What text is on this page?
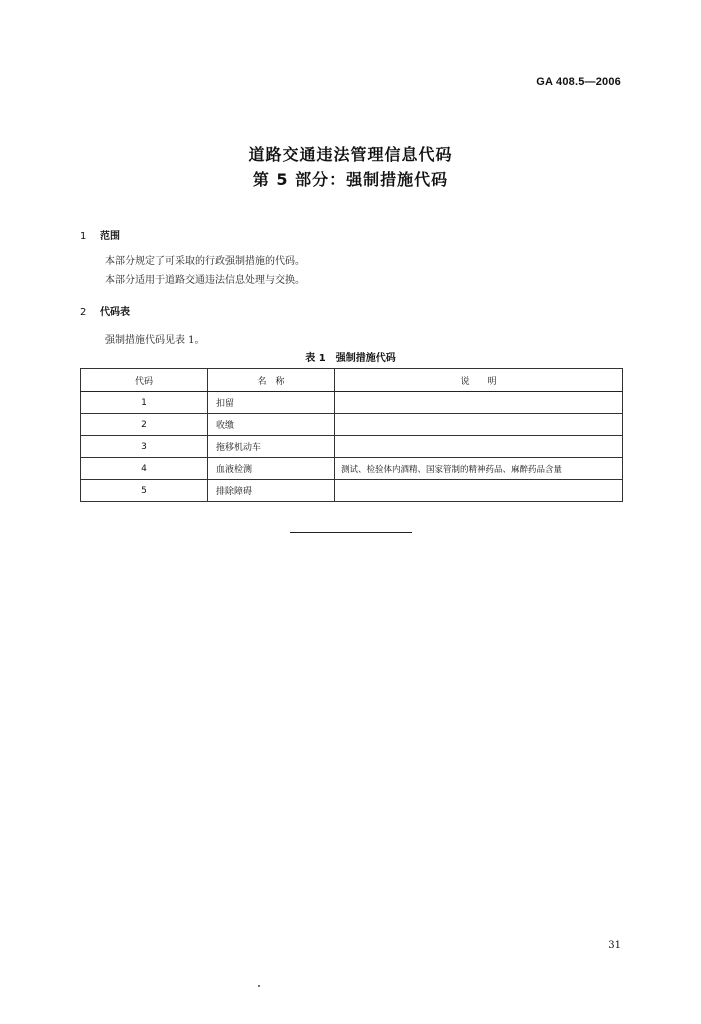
GA 408.5—2006
道路交通违法管理信息代码
第 5 部分：强制措施代码
1 范围
本部分规定了可采取的行政强制措施的代码。
本部分适用于道路交通违法信息处理与交换。
2 代码表
强制措施代码见表 1。
表 1　强制措施代码
代码	名　称	说　　明
1	扣留	
2	收缴	
3	拖移机动车	
4	血液检测	测试、检验体内酒精、国家管制的精神药品、麻醉药品含量
5	排除障碍	
31
